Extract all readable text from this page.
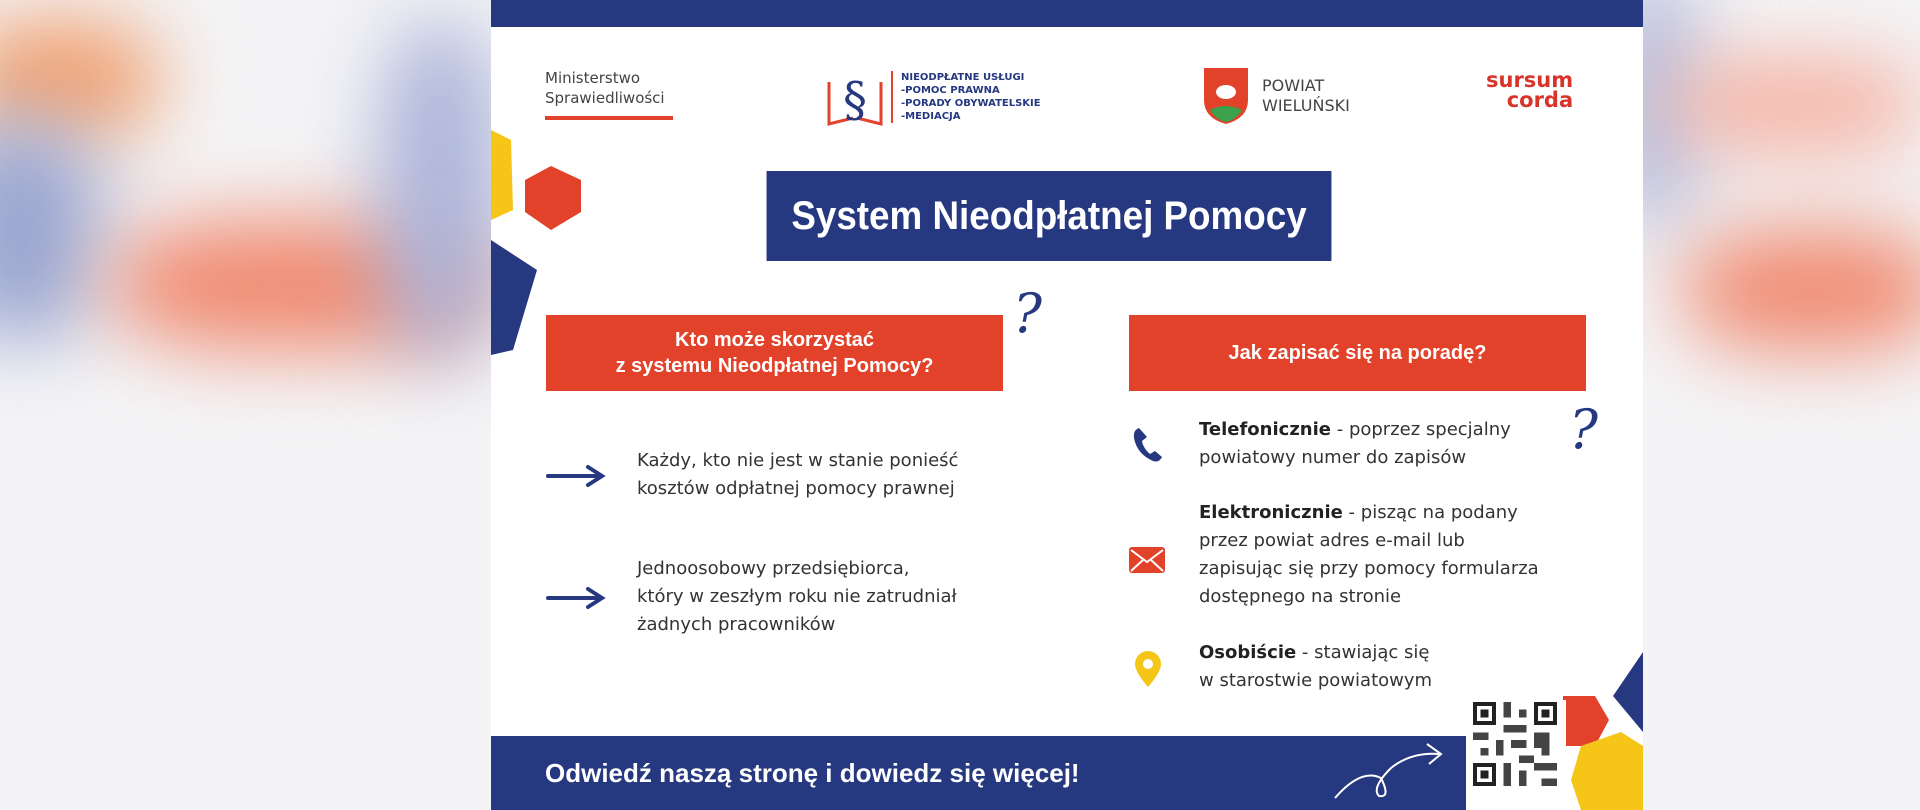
Ministerstwo
Sprawiedliwości	§	NIEODPŁATNE USŁUGI
-POMOC PRAWNA
-PORADY OBYWATELSKIE
-MEDIACJA
POWIAT
WIELUŃSKI
sursum
corda
System Nieodpłatnej Pomocy
Kto może skorzystać
z systemu Nieodpłatnej Pomocy?
?
Każdy, kto nie jest w stanie ponieść
kosztów odpłatnej pomocy prawnej
Jednoosobowy przedsiębiorca,
który w zeszłym roku nie zatrudniał
żadnych pracowników
Jak zapisać się na poradę?
?
Telefonicznie - poprzez specjalny
powiatowy numer do zapisów
Elektronicznie - pisząc na podany
przez powiat adres e-mail lub
zapisując się przy pomocy formularza
dostępnego na stronie
Osobiście - stawiając się
w starostwie powiatowym
Odwiedź naszą stronę i dowiedz się więcej!
